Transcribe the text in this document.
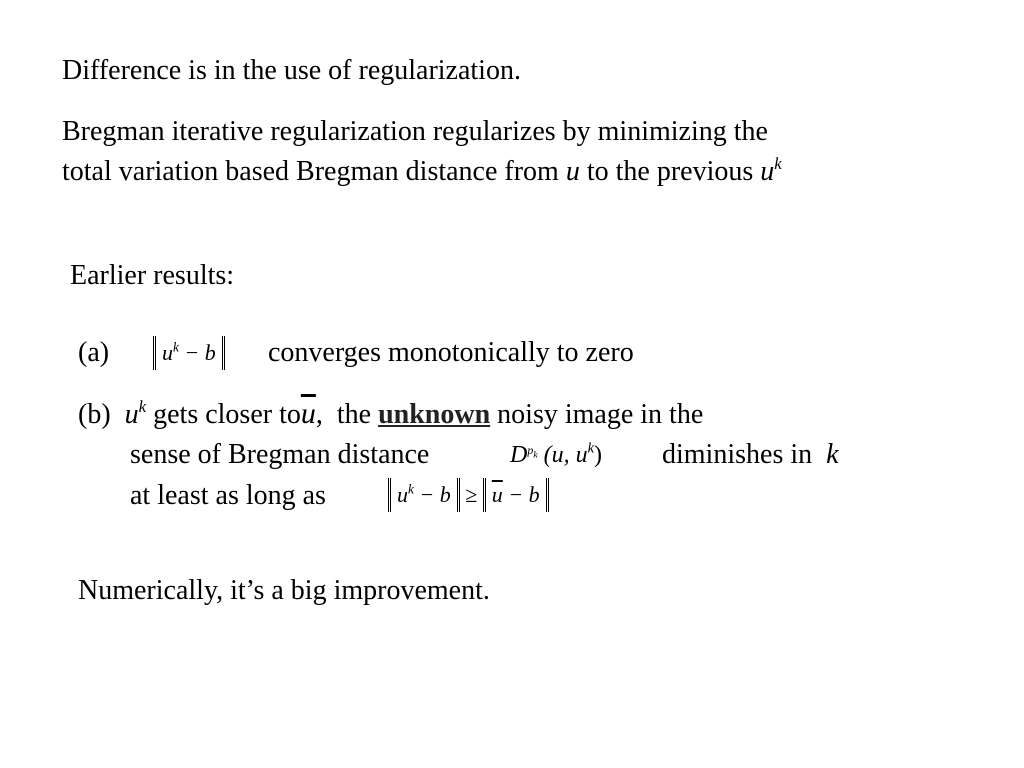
Difference is in the use of regularization.
Bregman iterative regularization regularizes by minimizing the
total variation based Bregman distance from u to the previous $u^k$
Earlier results:
(a)	$u^k - b$	converges monotonically to zero
(b) $u^k$ gets closer $to\overline{u}$, the unknown noisy image in the
sense of Bregman distance	$D^{p_k}$ (u, $u^k$) diminishes in k
at least as long as	$u^k - b \ge \overline{u} - b$
Numerically, it’s a big improvement.
